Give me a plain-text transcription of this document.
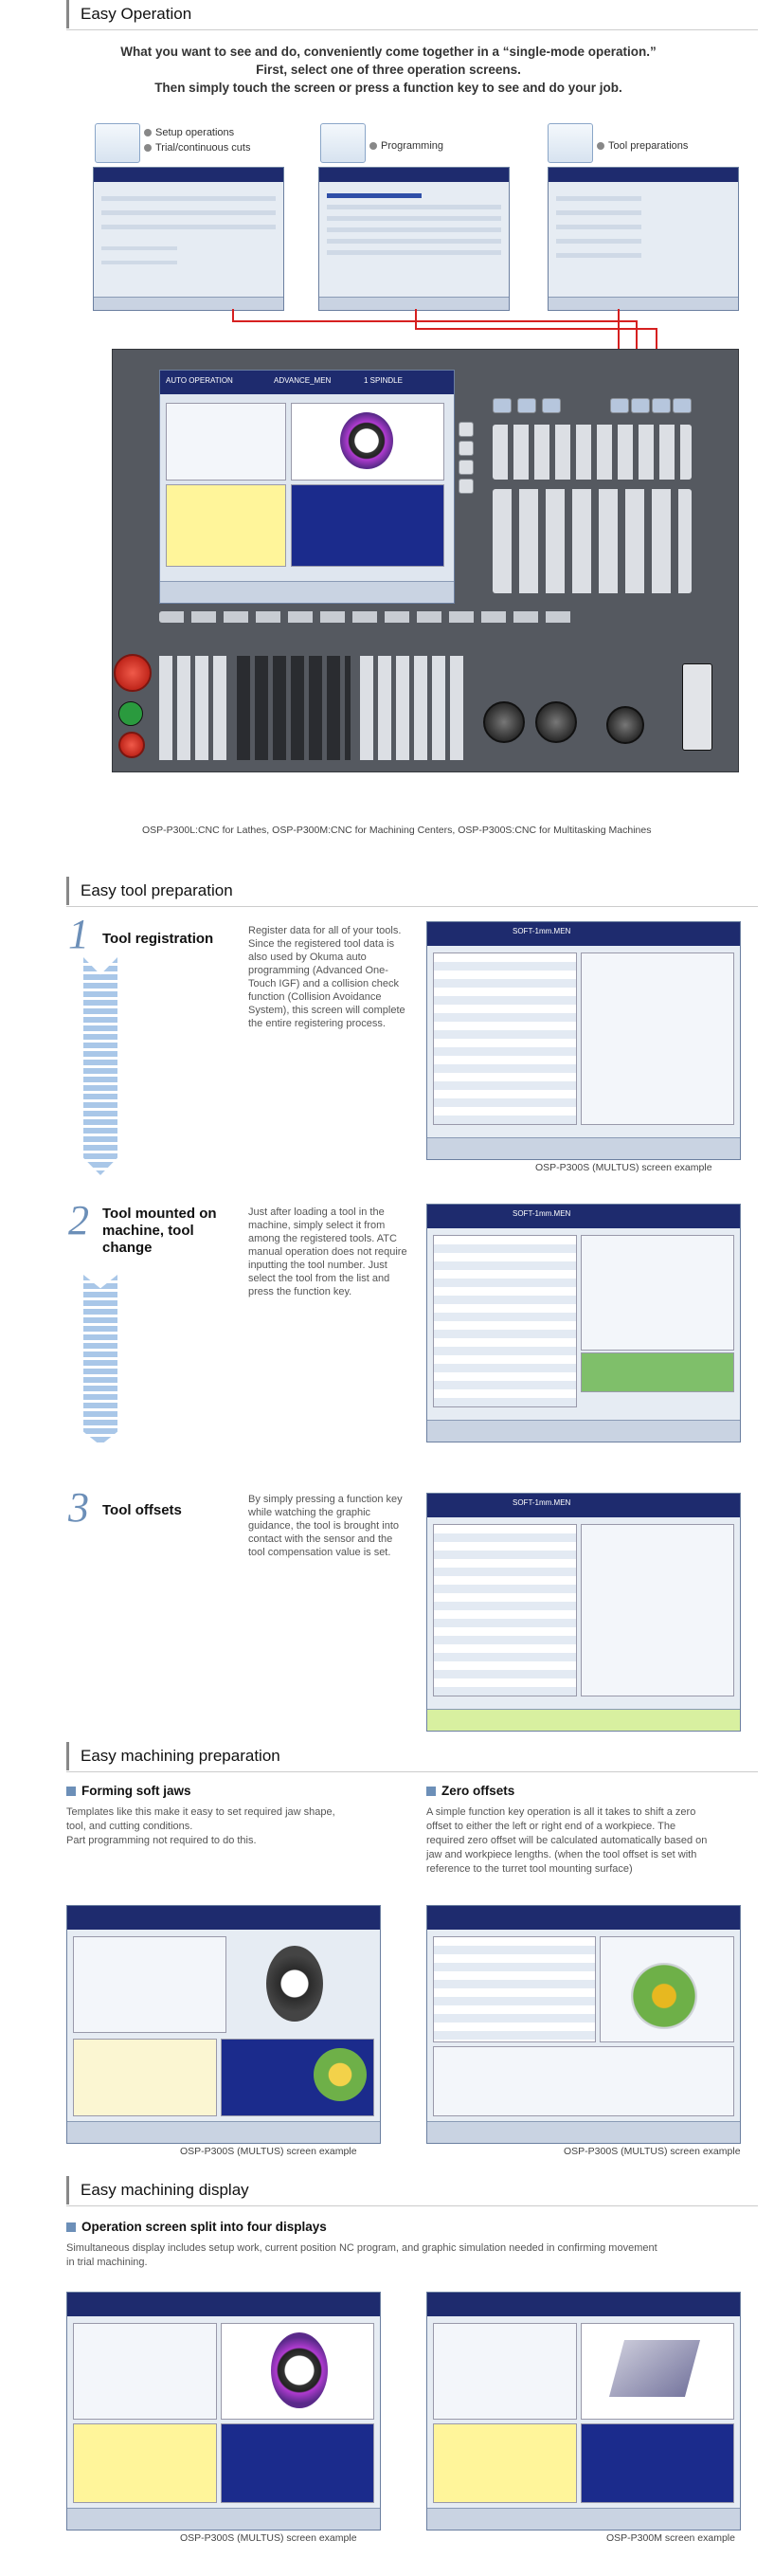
Easy Operation
What you want to see and do, conveniently come together in a “single-mode operation.”
First, select one of three operation screens.
Then simply touch the screen or press a function key to see and do your job.
Setup operations
Trial/continuous cuts	Programming	Tool preparations
AUTO OPERATION	ADVANCE_MEN	1 SPINDLE
OSP-P300L:CNC for Lathes, OSP-P300M:CNC for Machining Centers, OSP-P300S:CNC for Multitasking Machines
Easy tool preparation
1 Tool registration	Register data for all of your tools. Since the registered tool data is also used by Okuma auto programming (Advanced One-Touch IGF) and a collision check function (Collision Avoidance System), this screen will complete the entire registering process.
SOFT-1mm.MEN
OSP-P300S (MULTUS) screen example
2 Tool mounted on machine, tool change
Just after loading a tool in the machine, simply select it from among the registered tools. ATC manual operation does not require inputting the tool number. Just select the tool from the list and press the function key.
SOFT-1mm.MEN
3 Tool offsets
By simply pressing a function key while watching the graphic guidance, the tool is brought into contact with the sensor and the tool compensation value is set.
SOFT-1mm.MEN
Easy machining preparation
Forming soft jaws
Templates like this make it easy to set required jaw shape,
tool, and cutting conditions.
Part programming not required to do this.
Zero offsets
A simple function key operation is all it takes to shift a zero
offset to either the left or right end of a workpiece. The
required zero offset will be calculated automatically based on
jaw and workpiece lengths. (when the tool offset is set with
reference to the turret tool mounting surface)
OSP-P300S (MULTUS) screen example	OSP-P300S (MULTUS) screen example
Easy machining display
Operation screen split into four displays
Simultaneous display includes setup work, current position NC program, and graphic simulation needed in confirming movement
in trial machining.
OSP-P300S (MULTUS) screen example	OSP-P300M screen example
